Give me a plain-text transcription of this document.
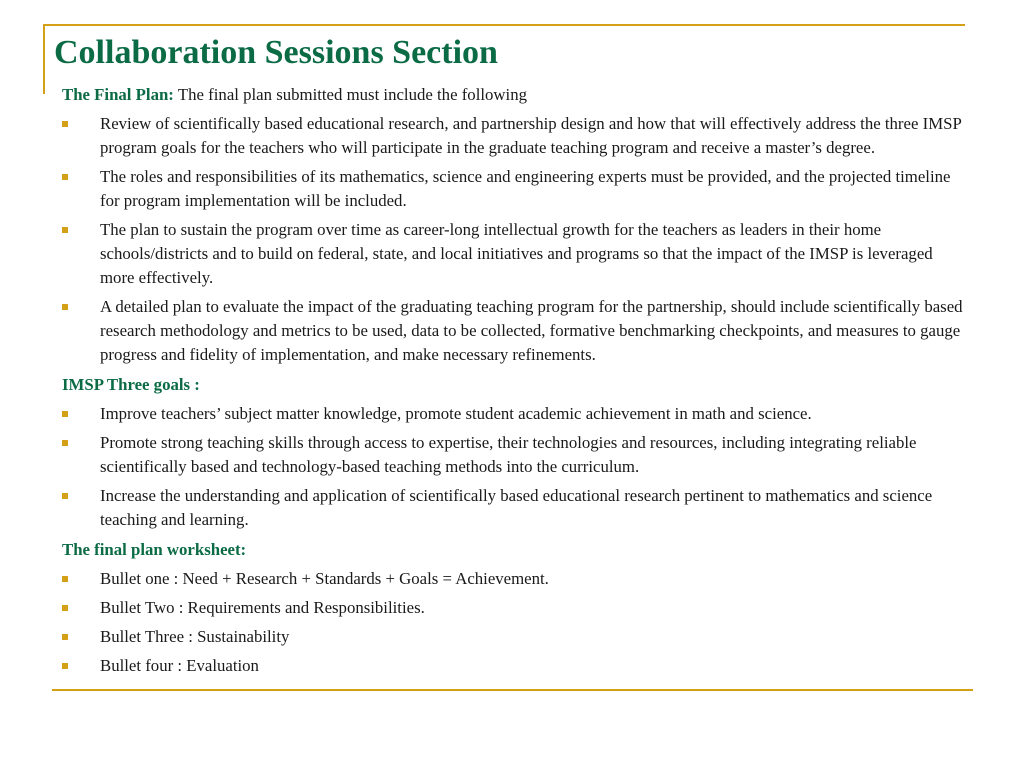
Collaboration Sessions Section
The Final Plan: The final plan submitted must include the following
Review of scientifically based educational research, and partnership design and how that will effectively address the three IMSP program goals for the teachers who will participate in the graduate teaching program and receive a master’s degree.
The roles and responsibilities of its mathematics, science and engineering experts must be provided, and the projected timeline for program implementation will be included.
The plan to sustain the program over time as career-long intellectual growth for the teachers as leaders in their home schools/districts and to build on federal, state, and local initiatives and programs so that the impact of the IMSP is leveraged more effectively.
A detailed plan to evaluate the impact of the graduating teaching program for the partnership, should include scientifically based research methodology and metrics to be used, data to be collected, formative benchmarking checkpoints, and measures to gauge progress and fidelity of implementation, and make necessary refinements.
IMSP Three goals :
Improve teachers’ subject matter knowledge, promote student academic achievement in math and science.
Promote strong teaching skills through access to expertise, their technologies and resources, including integrating reliable scientifically based and technology-based teaching methods into the curriculum.
Increase the understanding and application of scientifically based educational research pertinent to mathematics and science teaching and learning.
The final plan worksheet:
Bullet one : Need + Research + Standards + Goals = Achievement.
Bullet Two : Requirements and Responsibilities.
Bullet Three : Sustainability
Bullet four : Evaluation
